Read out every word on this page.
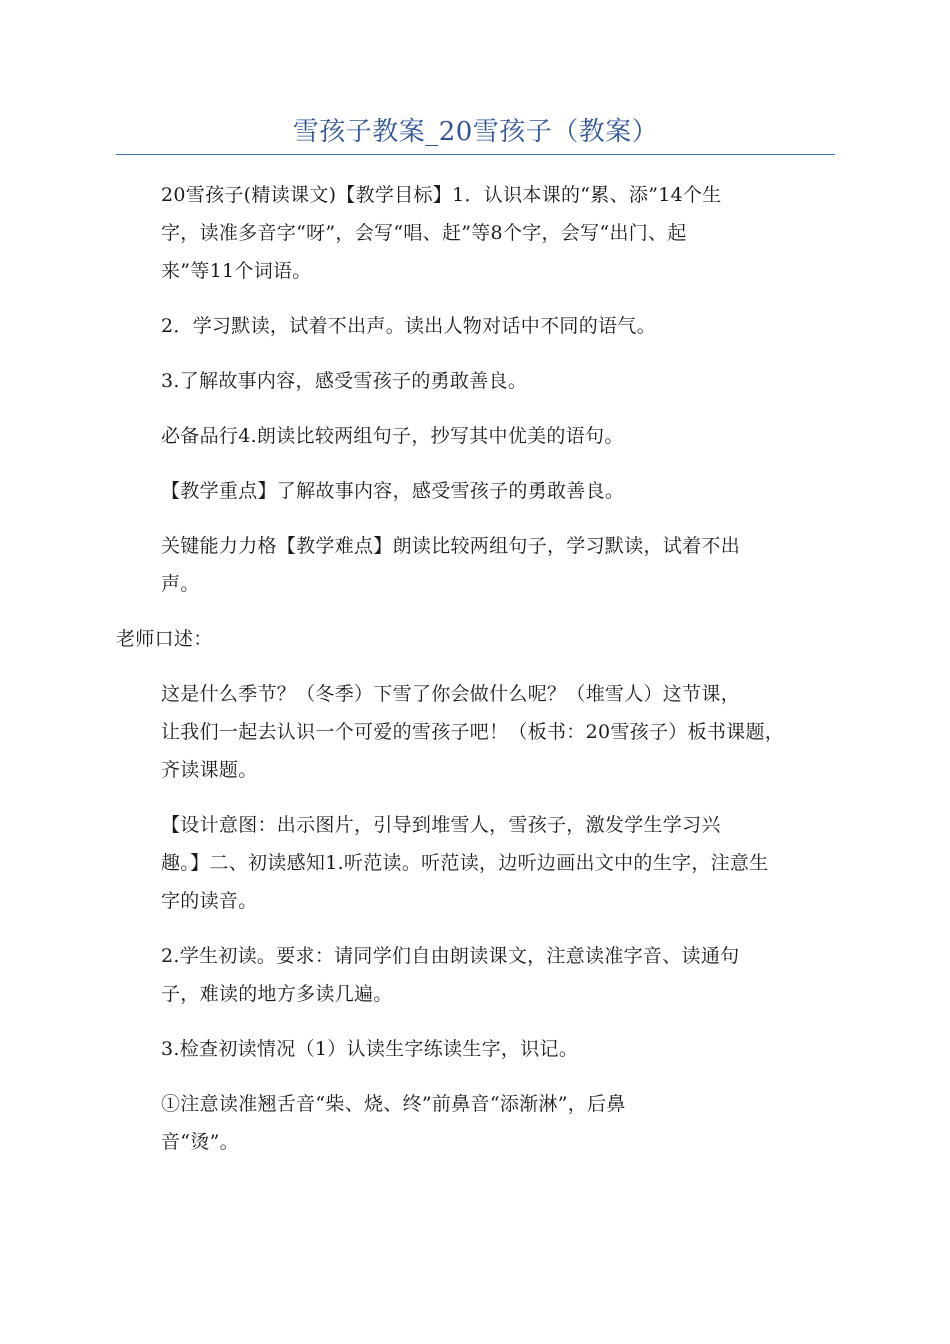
雪孩子教案_20雪孩子（教案）

20雪孩子(精读课文)【教学目标】1．认识本课的“累、添”14个生
字，读准多音字“呀”，会写“唱、赶”等8个字，会写“出门、起
来”等11个词语。

2．学习默读，试着不出声。读出人物对话中不同的语气。

3.了解故事内容，感受雪孩子的勇敢善良。

必备品行4.朗读比较两组句子，抄写其中优美的语句。

【教学重点】了解故事内容，感受雪孩子的勇敢善良。

关键能力力格【教学难点】朗读比较两组句子，学习默读，试着不出
声。

老师口述：

这是什么季节？（冬季）下雪了你会做什么呢？（堆雪人）这节课，
让我们一起去认识一个可爱的雪孩子吧！（板书：20雪孩子）板书课题，
齐读课题。

【设计意图：出示图片，引导到堆雪人，雪孩子，激发学生学习兴
趣。】二、初读感知1.听范读。听范读，边听边画出文中的生字，注意生
字的读音。

2.学生初读。要求：请同学们自由朗读课文，注意读准字音、读通句
子，难读的地方多读几遍。

3.检查初读情况（1）认读生字练读生字，识记。

①注意读准翘舌音“柴、烧、终”前鼻音“添渐淋”，后鼻
音“烫”。
